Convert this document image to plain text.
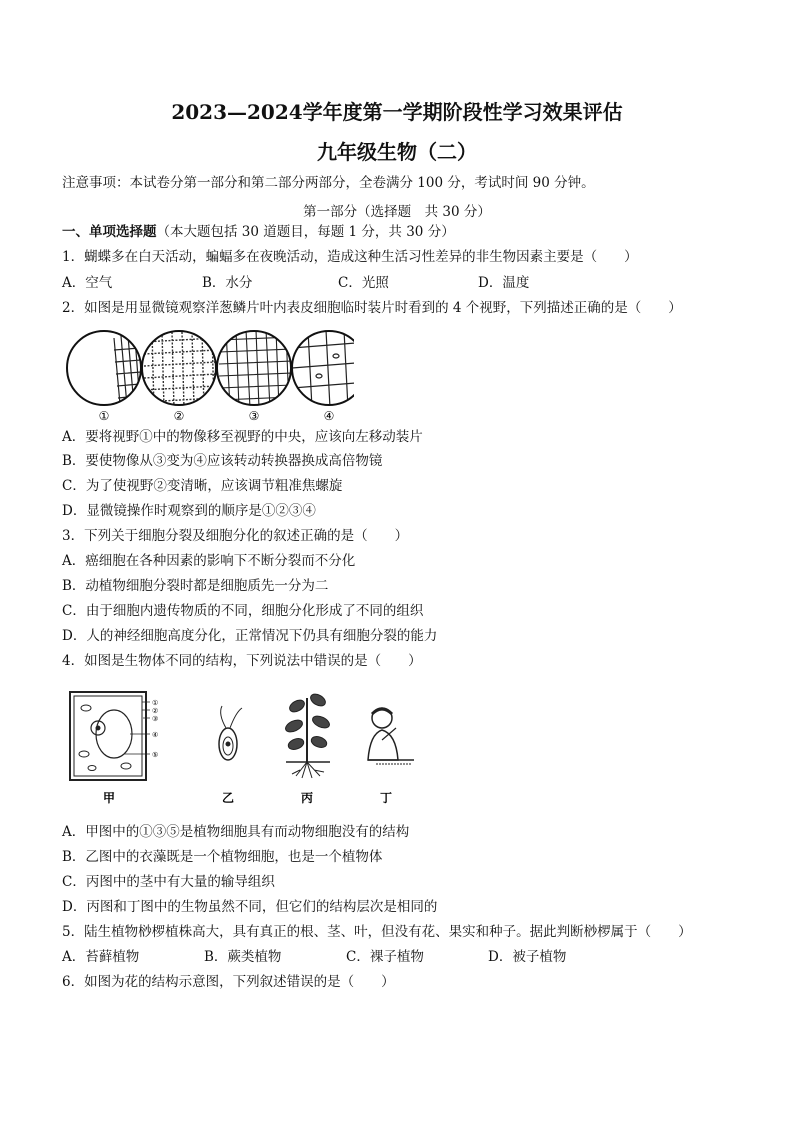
2023—2024学年度第一学期阶段性学习效果评估
九年级生物（二）
注意事项：本试卷分第一部分和第二部分两部分，全卷满分 100 分，考试时间 90 分钟。
第一部分（选择题　共 30 分）
一、单项选择题（本大题包括 30 道题目，每题 1 分，共 30 分）
1．蝴蝶多在白天活动，蝙蝠多在夜晚活动，造成这种生活习性差异的非生物因素主要是（　　）
A．空气	B．水分	C．光照	D．温度
2．如图是用显微镜观察洋葱鳞片叶内表皮细胞临时装片时看到的 4 个视野，下列描述正确的是（　　）
①	②	③	④
A．要将视野①中的物像移至视野的中央，应该向左移动装片
B．要使物像从③变为④应该转动转换器换成高倍物镜
C．为了使视野②变清晰，应该调节粗准焦螺旋
D．显微镜操作时观察到的顺序是①②③④
3．下列关于细胞分裂及细胞分化的叙述正确的是（　　）
A．癌细胞在各种因素的影响下不断分裂而不分化
B．动植物细胞分裂时都是细胞质先一分为二
C．由于细胞内遗传物质的不同，细胞分化形成了不同的组织
D．人的神经细胞高度分化，正常情况下仍具有细胞分裂的能力
4．如图是生物体不同的结构，下列说法中错误的是（　　）
①
②
③
④
⑤
甲	乙	丙	丁
A．甲图中的①③⑤是植物细胞具有而动物细胞没有的结构
B．乙图中的衣藻既是一个植物细胞，也是一个植物体
C．丙图中的茎中有大量的输导组织
D．丙图和丁图中的生物虽然不同，但它们的结构层次是相同的
5．陆生植物桫椤植株高大，具有真正的根、茎、叶，但没有花、果实和种子。据此判断桫椤属于（　　）
A．苔藓植物	B．蕨类植物	C．裸子植物	D．被子植物
6．如图为花的结构示意图，下列叙述错误的是（　　）
